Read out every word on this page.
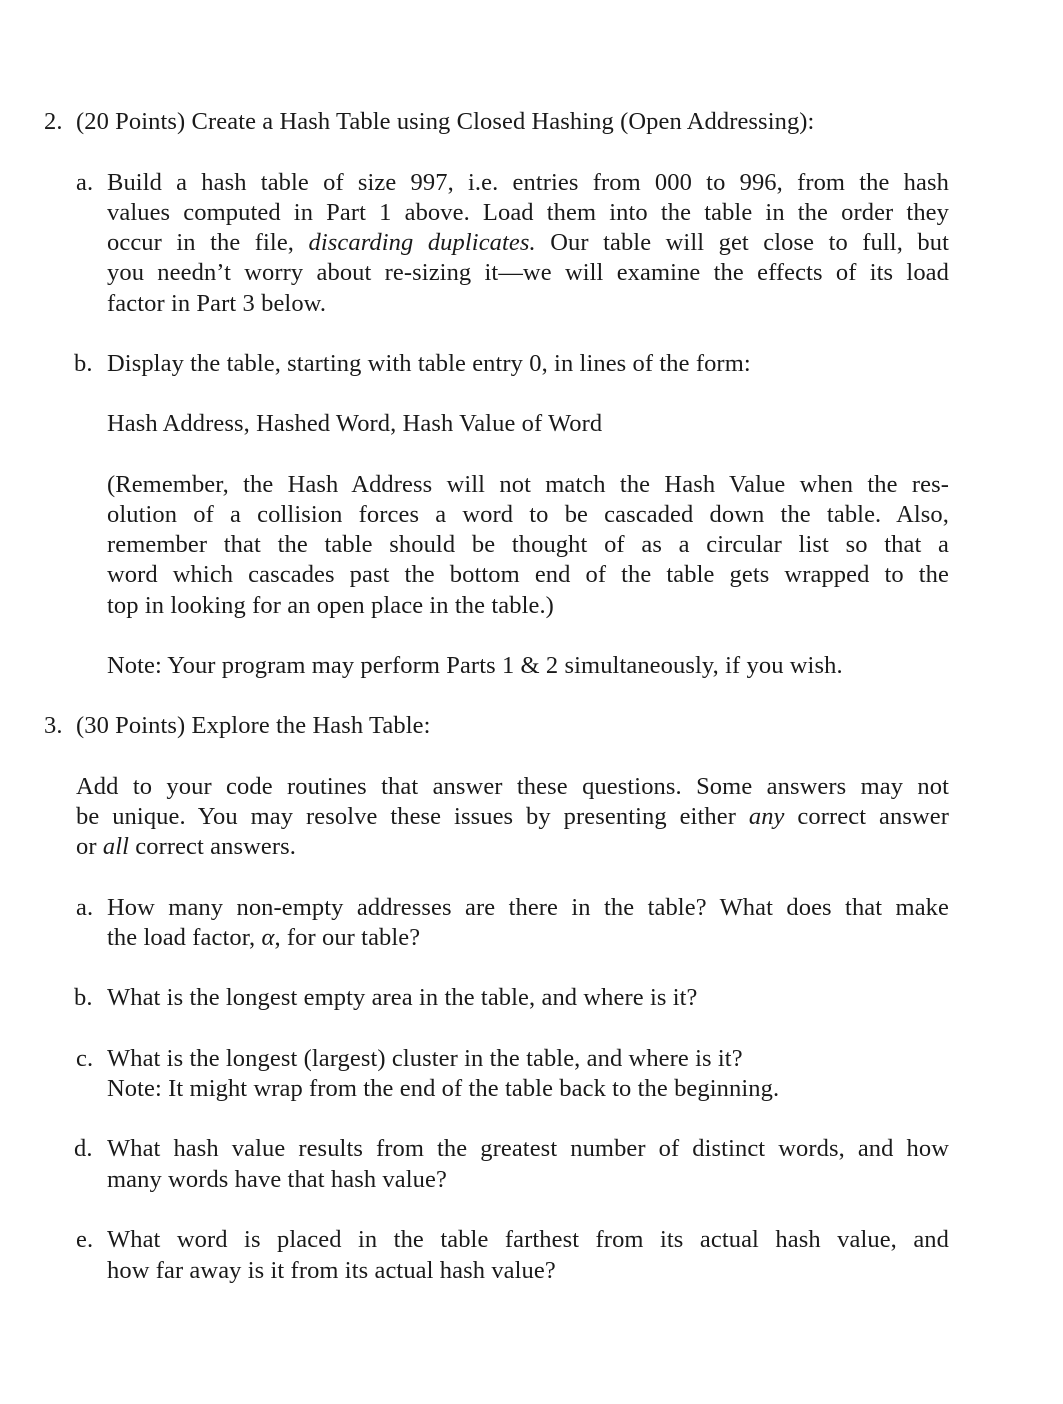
2. (20 Points) Create a Hash Table using Closed Hashing (Open Addressing):
a. Build a hash table of size 997, i.e. entries from 000 to 996, from the hash
values computed in Part 1 above. Load them into the table in the order they
occur in the file, discarding duplicates. Our table will get close to full, but
you needn’t worry about re-sizing it—we will examine the effects of its load
factor in Part 3 below.
b. Display the table, starting with table entry 0, in lines of the form:
Hash Address, Hashed Word, Hash Value of Word
(Remember, the Hash Address will not match the Hash Value when the res-
olution of a collision forces a word to be cascaded down the table. Also,
remember that the table should be thought of as a circular list so that a
word which cascades past the bottom end of the table gets wrapped to the
top in looking for an open place in the table.)
Note: Your program may perform Parts 1 & 2 simultaneously, if you wish.
3. (30 Points) Explore the Hash Table:
Add to your code routines that answer these questions. Some answers may not
be unique. You may resolve these issues by presenting either any correct answer
or all correct answers.
a. How many non-empty addresses are there in the table? What does that make
the load factor, α, for our table?
b. What is the longest empty area in the table, and where is it?
c. What is the longest (largest) cluster in the table, and where is it?
Note: It might wrap from the end of the table back to the beginning.
d. What hash value results from the greatest number of distinct words, and how
many words have that hash value?
e. What word is placed in the table farthest from its actual hash value, and
how far away is it from its actual hash value?
